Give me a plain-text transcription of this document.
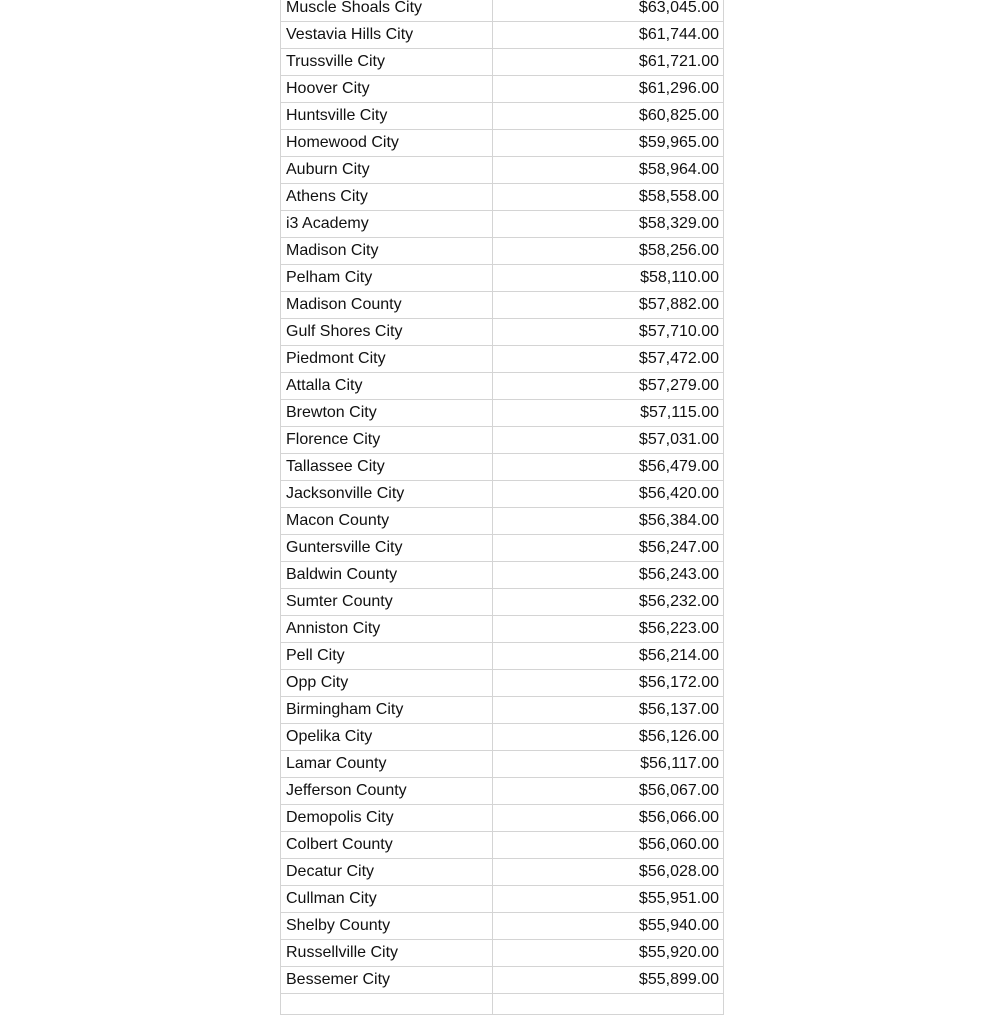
Muscle Shoals City	$63,045.00
Vestavia Hills City	$61,744.00
Trussville City	$61,721.00
Hoover City	$61,296.00
Huntsville City	$60,825.00
Homewood City	$59,965.00
Auburn City	$58,964.00
Athens City	$58,558.00
i3 Academy	$58,329.00
Madison City	$58,256.00
Pelham City	$58,110.00
Madison County	$57,882.00
Gulf Shores City	$57,710.00
Piedmont City	$57,472.00
Attalla City	$57,279.00
Brewton City	$57,115.00
Florence City	$57,031.00
Tallassee City	$56,479.00
Jacksonville City	$56,420.00
Macon County	$56,384.00
Guntersville City	$56,247.00
Baldwin County	$56,243.00
Sumter County	$56,232.00
Anniston City	$56,223.00
Pell City	$56,214.00
Opp City	$56,172.00
Birmingham City	$56,137.00
Opelika City	$56,126.00
Lamar County	$56,117.00
Jefferson County	$56,067.00
Demopolis City	$56,066.00
Colbert County	$56,060.00
Decatur City	$56,028.00
Cullman City	$55,951.00
Shelby County	$55,940.00
Russellville City	$55,920.00
Bessemer City	$55,899.00
